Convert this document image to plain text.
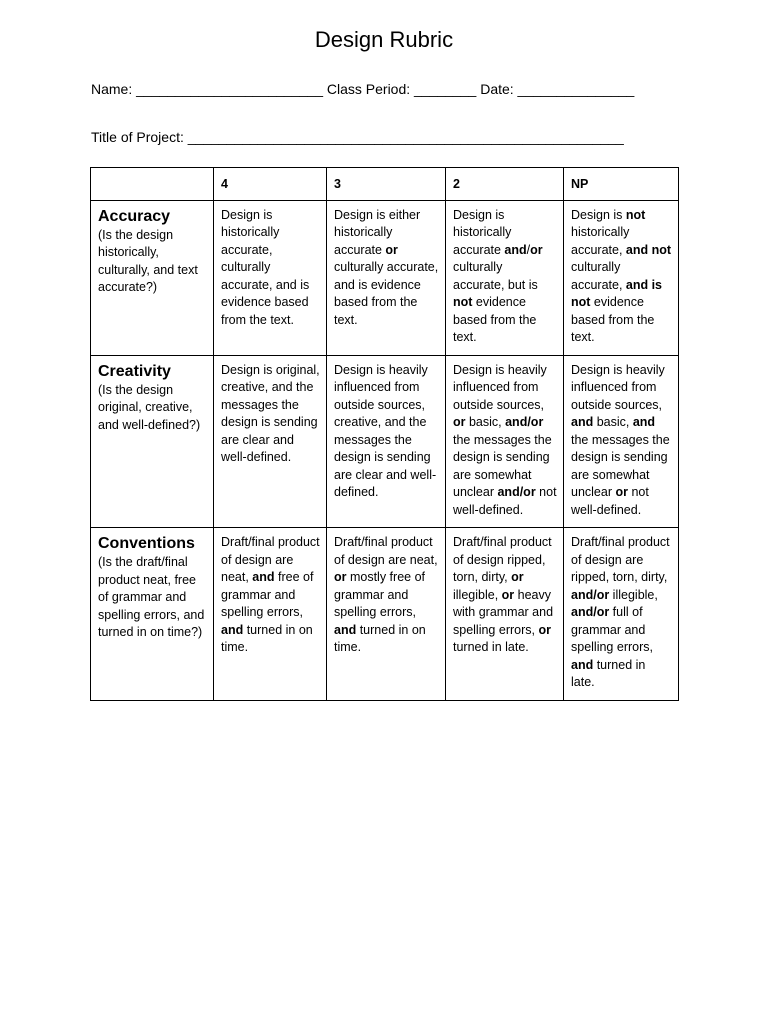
Design Rubric
Name: ________________________ Class Period: ________ Date: _______________
Title of Project: ________________________________________________________
	4	3	2	NP

Accuracy
(Is the design historically, culturally, and text accurate?)	Design is historically accurate, culturally accurate, and is evidence based from the text.	Design is either historically accurate or culturally accurate, and is evidence based from the text.	Design is historically accurate and/or culturally accurate, but is not evidence based from the text.	Design is not historically accurate, and not culturally accurate, and is not evidence based from the text.

Creativity
(Is the design original, creative, and well-defined?)	Design is original, creative, and the messages the design is sending are clear and well-defined.	Design is heavily influenced from outside sources, creative, and the messages the design is sending are clear and well-defined.	Design is heavily influenced from outside sources, or basic, and/or the messages the design is sending are somewhat unclear and/or not well-defined.	Design is heavily influenced from outside sources, and basic, and the messages the design is sending are somewhat unclear or not well-defined.

Conventions
(Is the draft/final product neat, free of grammar and spelling errors, and turned in on time?)	Draft/final product of design are neat, and free of grammar and spelling errors, and turned in on time.	Draft/final product of design are neat, or mostly free of grammar and spelling errors, and turned in on time.	Draft/final product of design ripped, torn, dirty, or illegible, or heavy with grammar and spelling errors, or turned in late.	Draft/final product of design are ripped, torn, dirty, and/or illegible, and/or full of grammar and spelling errors, and turned in late.
